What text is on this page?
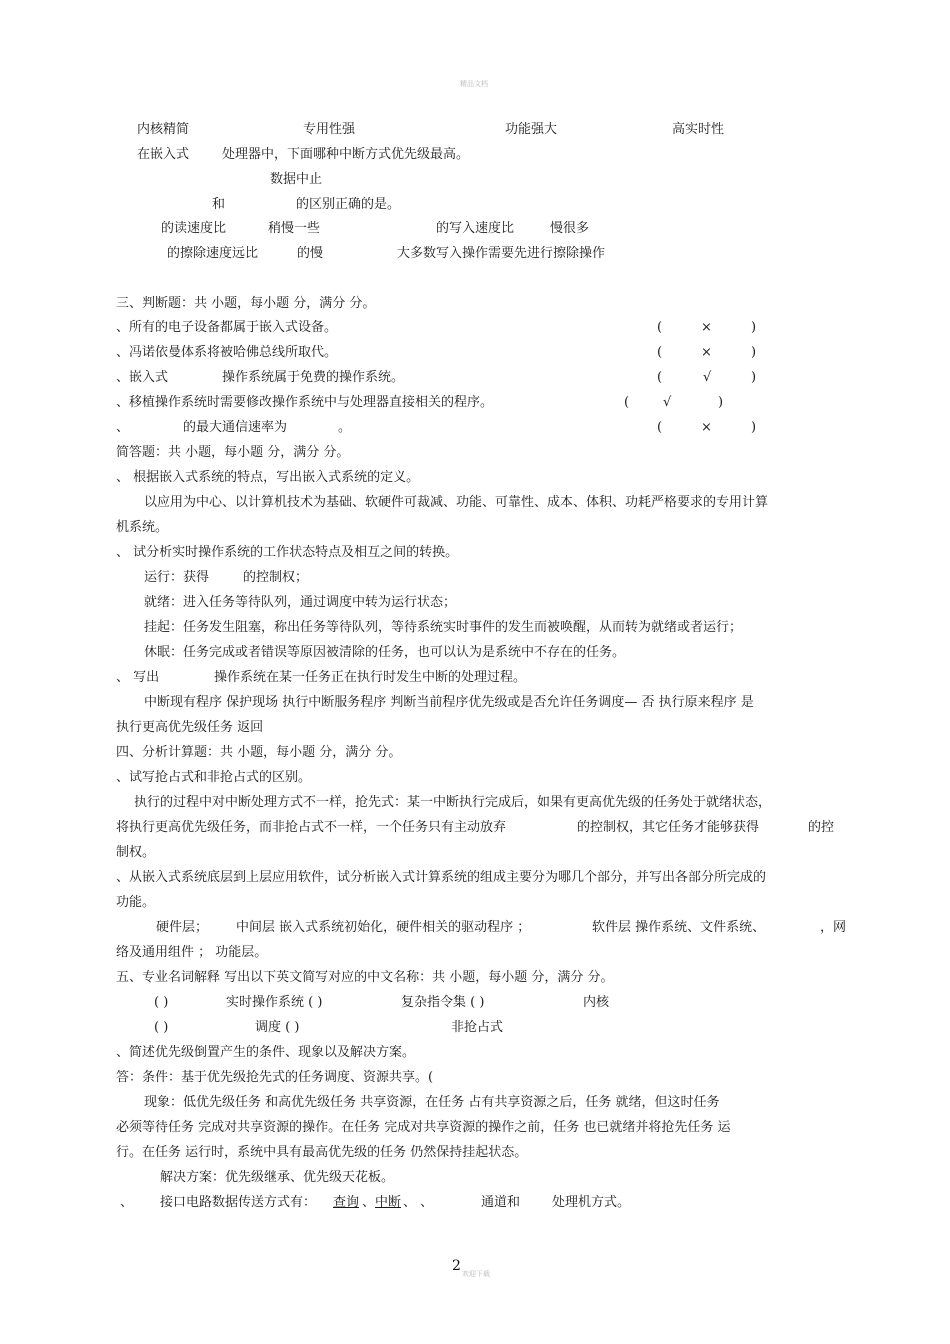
精品文档
内核精简	专用性强	功能强大	高实时性
在嵌入式	处理器中，下面哪种中断方式优先级最高。
数据中止
和	的区别正确的是。
的读速度比	稍慢一些	的写入速度比	慢很多
的擦除速度远比	的慢	大多数写入操作需要先进行擦除操作
三、判断题：共 小题，每小题 分，满分 分。
、所有的电子设备都属于嵌入式设备。	(	×	)
、冯诺依曼体系将被哈佛总线所取代。	(	×	)
、嵌入式	操作系统属于免费的操作系统。	(	√	)
、移植操作系统时需要修改操作系统中与处理器直接相关的程序。	(	√	)
、	的最大通信速率为	。	(	×	)
简答题：共 小题，每小题 分，满分 分。
、 根据嵌入式系统的特点，写出嵌入式系统的定义。
以应用为中心、以计算机技术为基础、软硬件可裁减、功能、可靠性、成本、体积、功耗严格要求的专用计算
机系统。
、 试分析实时操作系统的工作状态特点及相互之间的转换。
运行：获得	的控制权；
就绪：进入任务等待队列，通过调度中转为运行状态；
挂起：任务发生阻塞，称出任务等待队列，等待系统实时事件的发生而被唤醒，从而转为就绪或者运行；
休眠：任务完成或者错误等原因被清除的任务，也可以认为是系统中不存在的任务。
、 写出	操作系统在某一任务正在执行时发生中断的处理过程。
中断现有程序 保护现场 执行中断服务程序 判断当前程序优先级或是否允许任务调度— 否 执行原来程序 是
执行更高优先级任务 返回
四、分析计算题：共 小题，每小题 分，满分 分。
、试写抢占式和非抢占式的区别。
执行的过程中对中断处理方式不一样，抢先式：某一中断执行完成后，如果有更高优先级的任务处于就绪状态，
将执行更高优先级任务，而非抢占式不一样，一个任务只有主动放弃	的控制权，其它任务才能够获得	的控
制权。
、从嵌入式系统底层到上层应用软件，试分析嵌入式计算系统的组成主要分为哪几个部分，并写出各部分所完成的
功能。
硬件层； 中间层 嵌入式系统初始化，硬件相关的驱动程序 ；	软件层 操作系统、文件系统、	，网
络及通用组件 ； 功能层。
五、专业名词解释 写出以下英文简写对应的中文名称：共 小题，每小题 分，满分 分。
( )	实时操作系统 ( )	复杂指令集 ( )	内核
( )	调度 ( )	非抢占式
、简述优先级倒置产生的条件、现象以及解决方案。
答：条件：基于优先级抢先式的任务调度、资源共享。(
现象：低优先级任务 和高优先级任务 共享资源，在任务 占有共享资源之后，任务 就绪，但这时任务
必须等待任务 完成对共享资源的操作。在任务 完成对共享资源的操作之前，任务 也已就绪并将抢先任务 运
行。在任务 运行时，系统中具有最高优先级的任务 仍然保持挂起状态。
解决方案：优先级继承、优先级天花板。
、 接口电路数据传送方式有： 查询 、 中断 、 、	通道和 处理机方式。
2 欢迎下载
